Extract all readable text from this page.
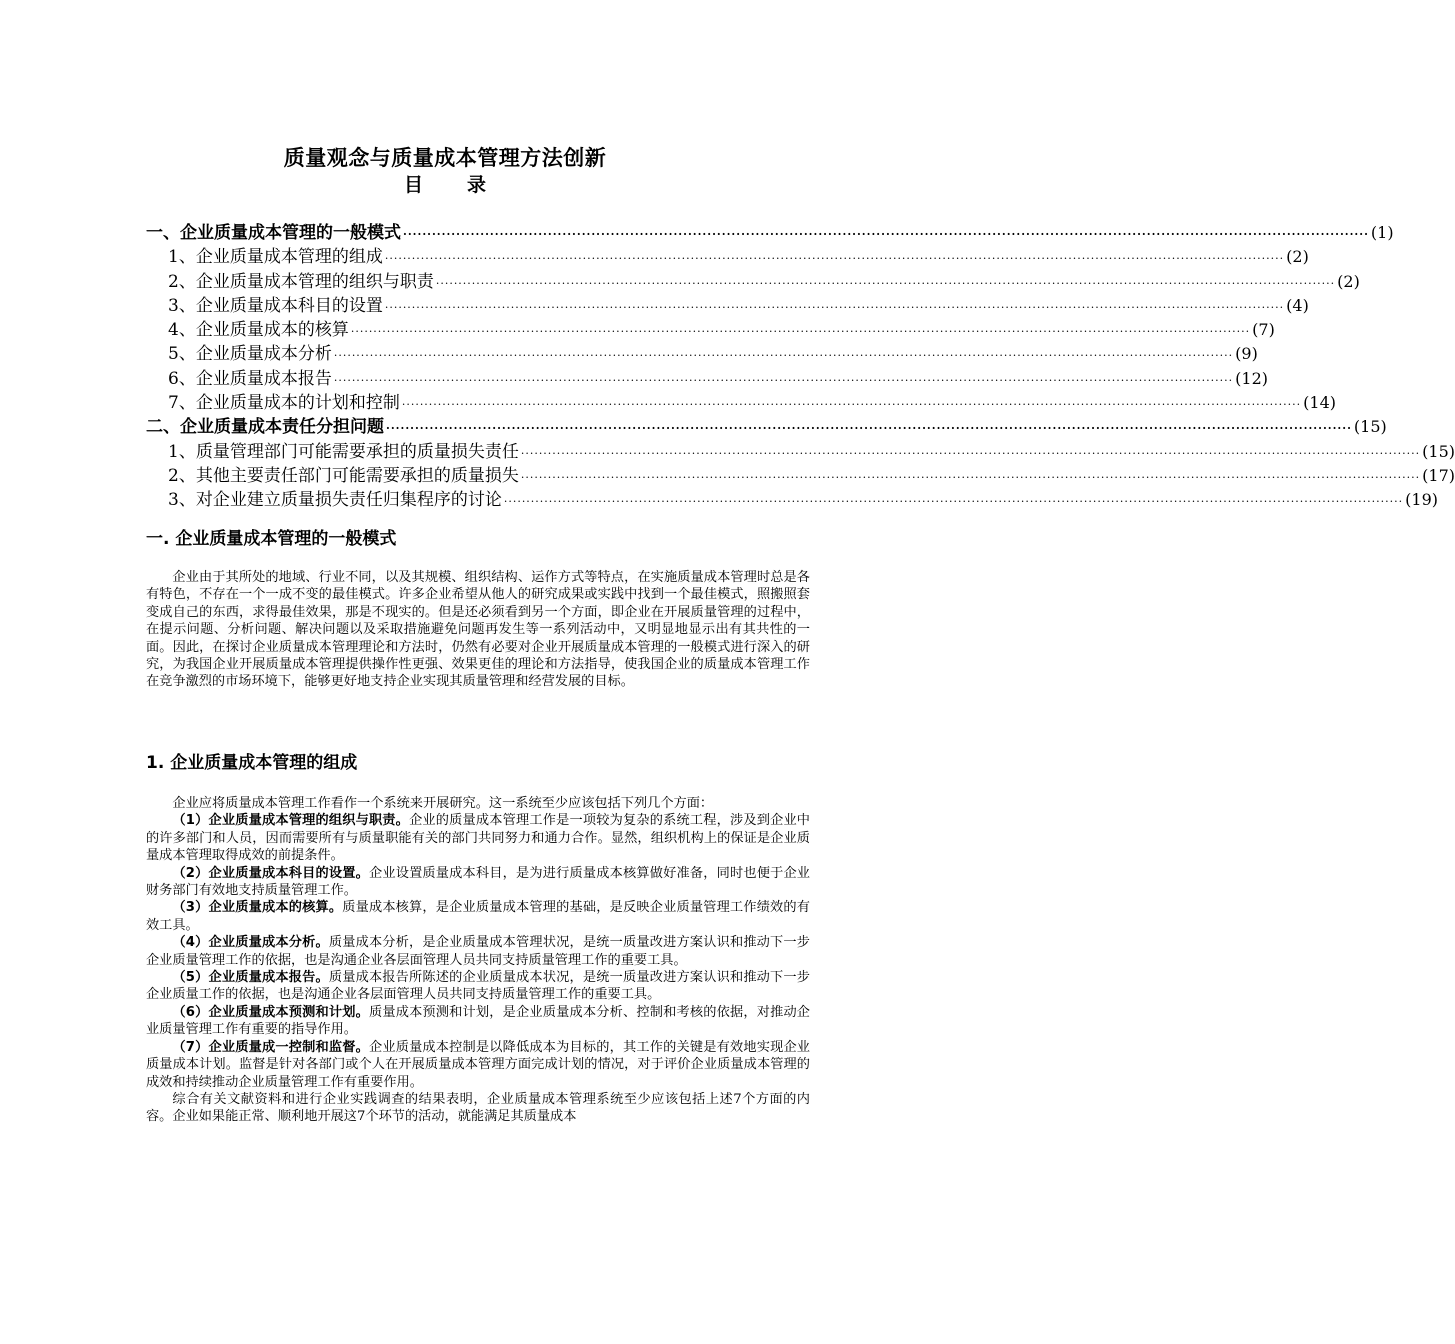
质量观念与质量成本管理方法创新
目 录
一、企业质量成本管理的一般模式 ········································································································································································································ (1)
1、企业质量成本管理的组成 ········································································································································································································ (2)
2、企业质量成本管理的组织与职责 ········································································································································································································ (2)
3、企业质量成本科目的设置 ········································································································································································································ (4)
4、企业质量成本的核算 ········································································································································································································ (7)
5、企业质量成本分析 ········································································································································································································ (9)
6、企业质量成本报告 ········································································································································································································ (12)
7、企业质量成本的计划和控制 ········································································································································································································ (14)
二、企业质量成本责任分担问题 ········································································································································································································ (15)
1、质量管理部门可能需要承担的质量损失责任 ········································································································································································································ (15)
2、其他主要责任部门可能需要承担的质量损失 ········································································································································································································ (17)
3、对企业建立质量损失责任归集程序的讨论 ········································································································································································································ (19)
一. 企业质量成本管理的一般模式

企业由于其所处的地域、行业不同，以及其规模、组织结构、运作方式等特点，在实施质量成本管理时总是各有特色，不存在一个一成不变的最佳模式。许多企业希望从他人的研究成果或实践中找到一个最佳模式，照搬照套变成自己的东西，求得最佳效果，那是不现实的。但是还必须看到另一个方面，即企业在开展质量管理的过程中，在提示问题、分析问题、解决问题以及采取措施避免问题再发生等一系列活动中，又明显地显示出有其共性的一面。因此，在探讨企业质量成本管理理论和方法时，仍然有必要对企业开展质量成本管理的一般模式进行深入的研究，为我国企业开展质量成本管理提供操作性更强、效果更佳的理论和方法指导，使我国企业的质量成本管理工作在竞争激烈的市场环境下，能够更好地支持企业实现其质量管理和经营发展的目标。

1. 企业质量成本管理的组成

企业应将质量成本管理工作看作一个系统来开展研究。这一系统至少应该包括下列几个方面：

（1）企业质量成本管理的组织与职责。企业的质量成本管理工作是一项较为复杂的系统工程，涉及到企业中的许多部门和人员，因而需要所有与质量职能有关的部门共同努力和通力合作。显然，组织机构上的保证是企业质量成本管理取得成效的前提条件。

（2）企业质量成本科目的设置。企业设置质量成本科目，是为进行质量成本核算做好准备，同时也便于企业财务部门有效地支持质量管理工作。

（3）企业质量成本的核算。质量成本核算，是企业质量成本管理的基础，是反映企业质量管理工作绩效的有效工具。

（4）企业质量成本分析。质量成本分析，是企业质量成本管理状况，是统一质量改进方案认识和推动下一步企业质量管理工作的依据，也是沟通企业各层面管理人员共同支持质量管理工作的重要工具。

（5）企业质量成本报告。质量成本报告所陈述的企业质量成本状况，是统一质量改进方案认识和推动下一步企业质量工作的依据，也是沟通企业各层面管理人员共同支持质量管理工作的重要工具。

（6）企业质量成本预测和计划。质量成本预测和计划，是企业质量成本分析、控制和考核的依据，对推动企业质量管理工作有重要的指导作用。

（7）企业质量成一控制和监督。企业质量成本控制是以降低成本为目标的，其工作的关键是有效地实现企业质量成本计划。监督是针对各部门或个人在开展质量成本管理方面完成计划的情况，对于评价企业质量成本管理的成效和持续推动企业质量管理工作有重要作用。

综合有关文献资料和进行企业实践调查的结果表明，企业质量成本管理系统至少应该包括上述7个方面的内容。企业如果能正常、顺利地开展这7个环节的活动，就能满足其质量成本
